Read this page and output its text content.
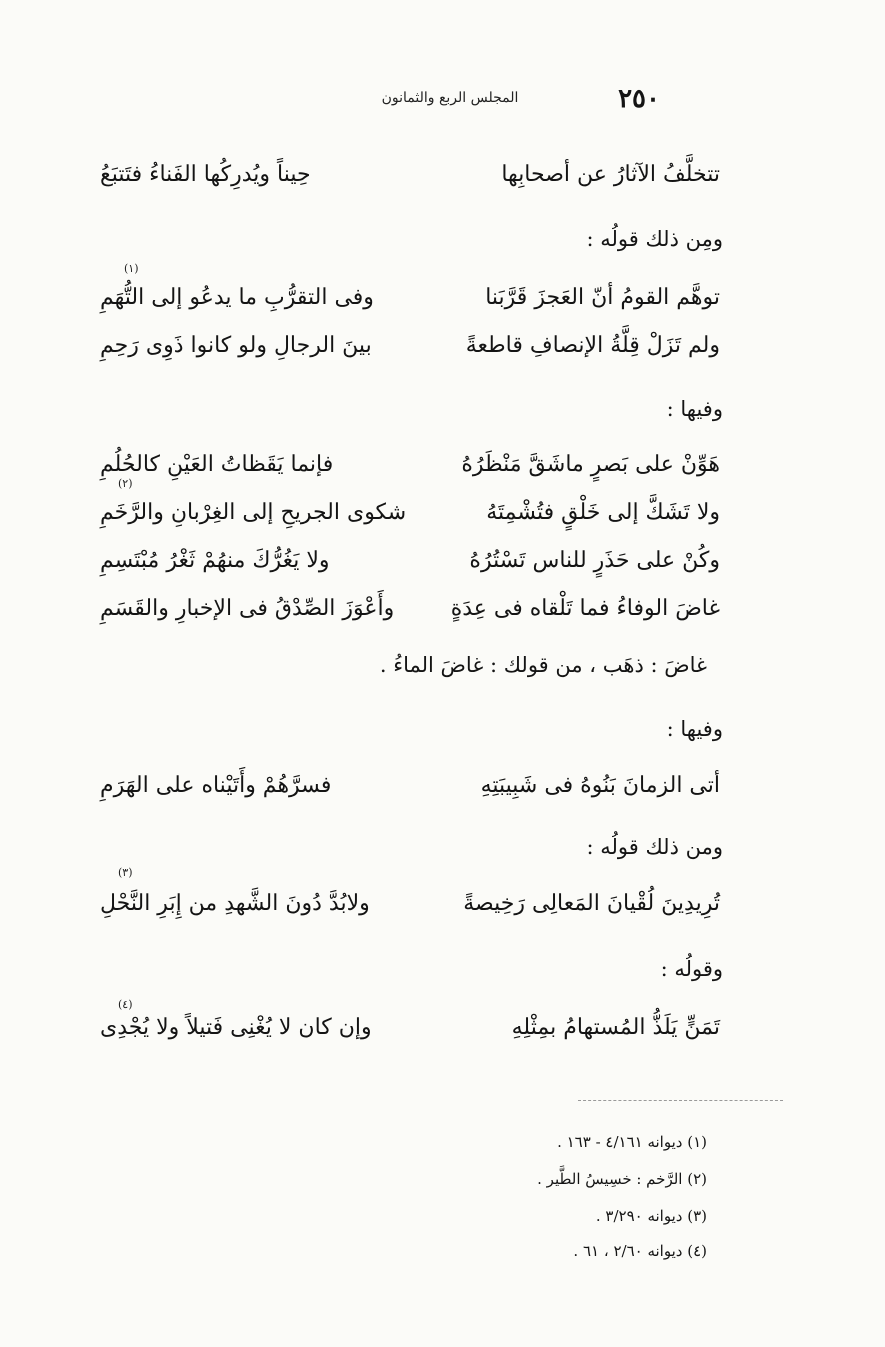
٢٥٠
المجلس الربع والثمانون
تتخلَّفُ الآثارُ عن أصحابِها
حِيناً ويُدرِكُها الفَناءُ فتَتبَعُ
ومِن ذلك قولُه :
(١)
توهَّم القومُ أنّ العَجزَ قَرَّبَنا
وفى التقرُّبِ ما يدعُو إلى التُّهَمِ
ولم تَزَلْ قِلَّةُ الإنصافِ قاطعةً
بينَ الرجالِ ولو كانوا ذَوِى رَحِمِ
وفيها :
هَوِّنْ على بَصرٍ ماشَقَّ مَنْظَرُهُ
فإنما يَقَظاتُ العَيْنِ كالحُلُمِ
(٢)
ولا تَشَكَّ إلى خَلْقٍ فتُشْمِتَهُ
شكوى الجريحِ إلى الغِرْبانِ والرَّخَمِ
وكُنْ على حَذَرٍ للناس تَسْتُرُهُ
ولا يَغُرُّكَ منهُمْ ثَغْرُ مُبْتَسِمِ
غاضَ الوفاءُ فما تَلْقاه فى عِدَةٍ
وأَعْوَزَ الصِّدْقُ فى الإخبارِ والقَسَمِ
غاضَ : ذهَب ، من قولك : غاضَ الماءُ .
وفيها :
أتى الزمانَ بَنُوهُ فى شَبِيبَتِهِ
فسرَّهُمْ وأَتَيْناه على الهَرَمِ
ومن ذلك قولُه :
(٣)
تُرِيدِينَ لُقْيانَ المَعالِى رَخِيصةً
ولابُدَّ دُونَ الشَّهدِ من إِبَرِ النَّحْلِ
وقولُه :
(٤)
تَمَنٍّ يَلَذُّ المُستهامُ بمِثْلِهِ
وإن كان لا يُغْنِى فَتيلاً ولا يُجْدِى
(١) ديوانه ٤/١٦١ - ١٦٣ .
(٢) الرَّخم : خسِيسُ الطَّير .
(٣) ديوانه ٣/٢٩٠ .
(٤) ديوانه ٢/٦٠ ، ٦١ .
